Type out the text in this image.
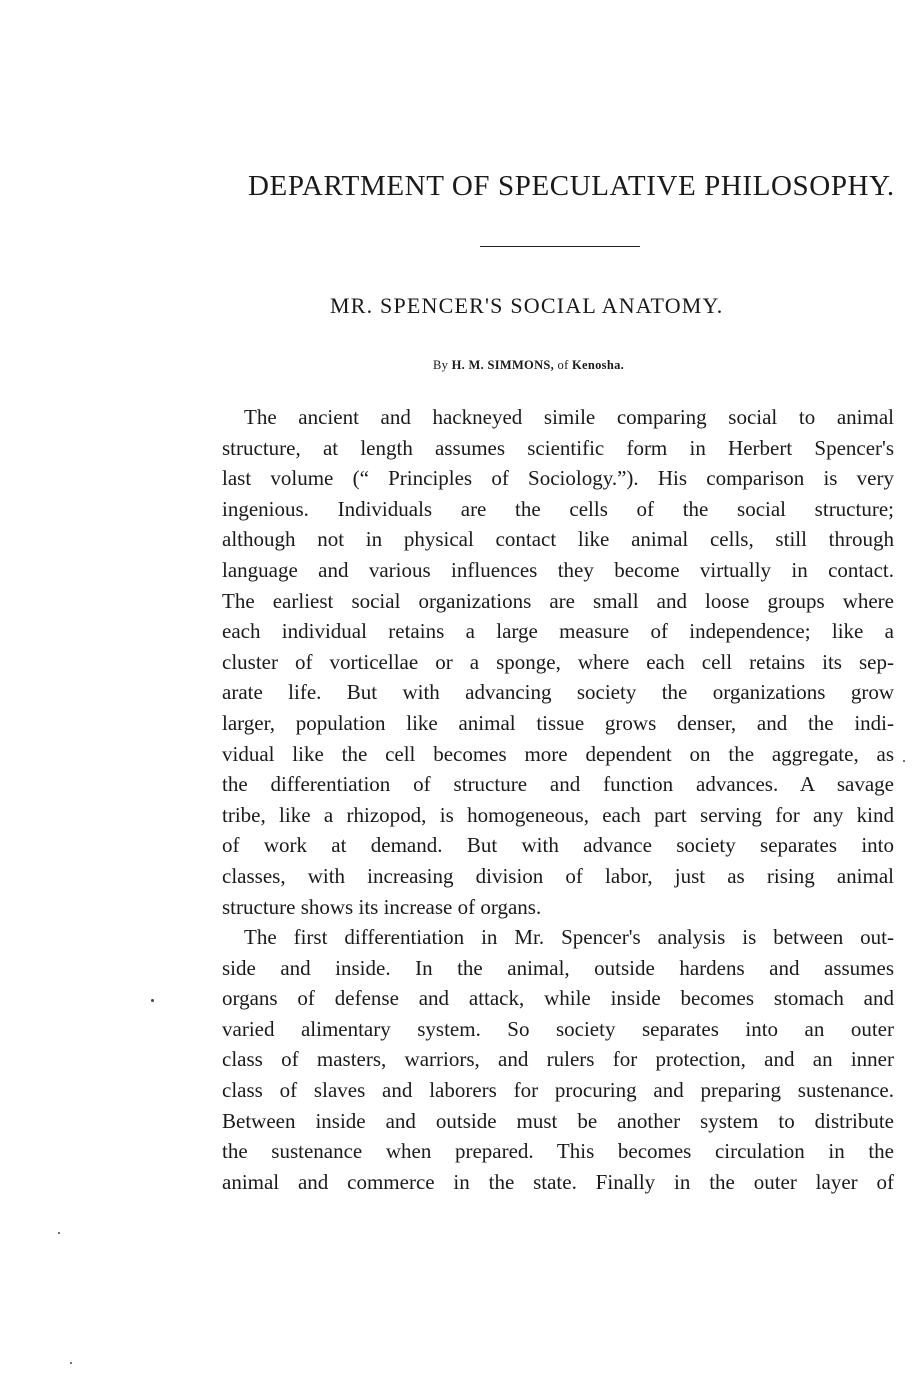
DEPARTMENT OF SPECULATIVE PHILOSOPHY.
MR. SPENCER'S SOCIAL ANATOMY.
By H. M. SIMMONS, of Kenosha.
The ancient and hackneyed simile comparing social to animal
structure, at length assumes scientific form in Herbert Spencer's
last volume (“ Principles of Sociology.”). His comparison is very
ingenious. Individuals are the cells of the social structure;
although not in physical contact like animal cells, still through
language and various influences they become virtually in contact.
The earliest social organizations are small and loose groups where
each individual retains a large measure of independence; like a
cluster of vorticellae or a sponge, where each cell retains its sep-
arate life. But with advancing society the organizations grow
larger, population like animal tissue grows denser, and the indi-
vidual like the cell becomes more dependent on the aggregate, as
the differentiation of structure and function advances. A savage
tribe, like a rhizopod, is homogeneous, each part serving for any kind
of work at demand. But with advance society separates into
classes, with increasing division of labor, just as rising animal
structure shows its increase of organs.
The first differentiation in Mr. Spencer's analysis is between out-
side and inside. In the animal, outside hardens and assumes
organs of defense and attack, while inside becomes stomach and
varied alimentary system. So society separates into an outer
class of masters, warriors, and rulers for protection, and an inner
class of slaves and laborers for procuring and preparing sustenance.
Between inside and outside must be another system to distribute
the sustenance when prepared. This becomes circulation in the
animal and commerce in the state. Finally in the outer layer of
